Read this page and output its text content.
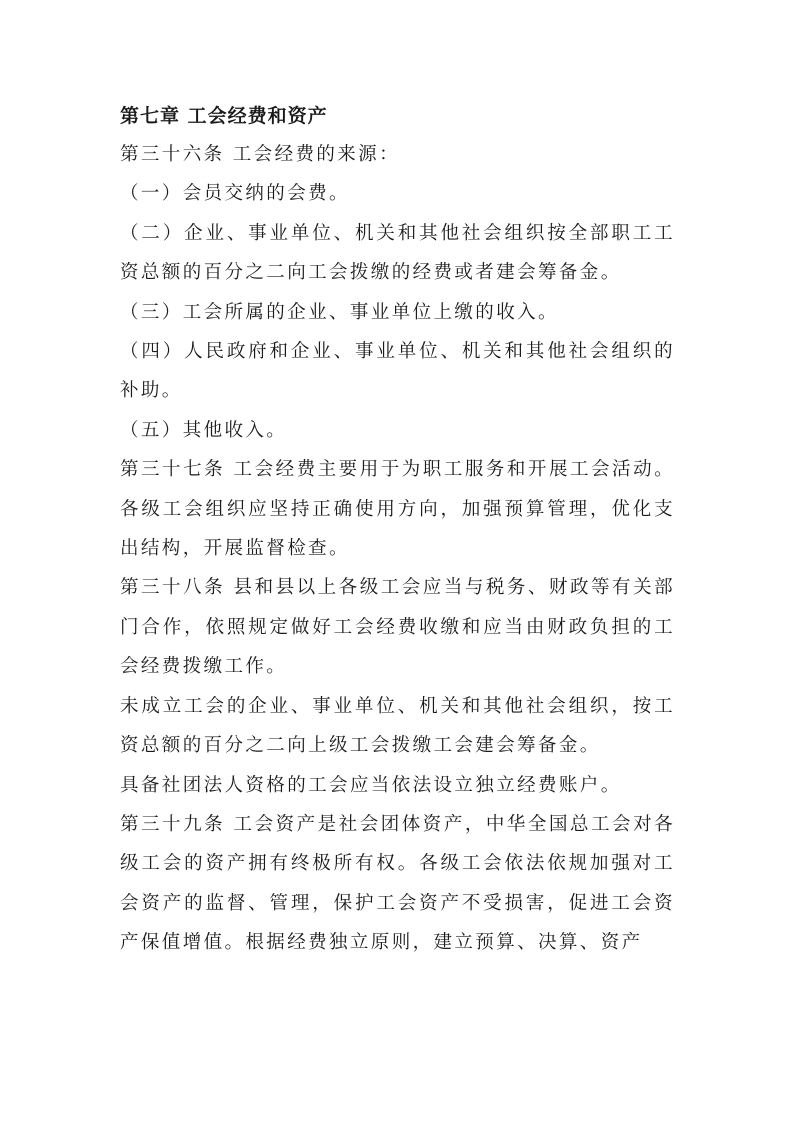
第七章 工会经费和资产

第三十六条 工会经费的来源：

（一）会员交纳的会费。

（二）企业、事业单位、机关和其他社会组织按全部职工工资总额的百分之二向工会拨缴的经费或者建会筹备金。

（三）工会所属的企业、事业单位上缴的收入。

（四）人民政府和企业、事业单位、机关和其他社会组织的补助。

（五）其他收入。

第三十七条 工会经费主要用于为职工服务和开展工会活动。各级工会组织应坚持正确使用方向，加强预算管理，优化支出结构，开展监督检查。

第三十八条 县和县以上各级工会应当与税务、财政等有关部门合作，依照规定做好工会经费收缴和应当由财政负担的工会经费拨缴工作。

未成立工会的企业、事业单位、机关和其他社会组织，按工资总额的百分之二向上级工会拨缴工会建会筹备金。

具备社团法人资格的工会应当依法设立独立经费账户。

第三十九条 工会资产是社会团体资产，中华全国总工会对各级工会的资产拥有终极所有权。各级工会依法依规加强对工会资产的监督、管理，保护工会资产不受损害，促进工会资产保值增值。根据经费独立原则，建立预算、决算、资产
